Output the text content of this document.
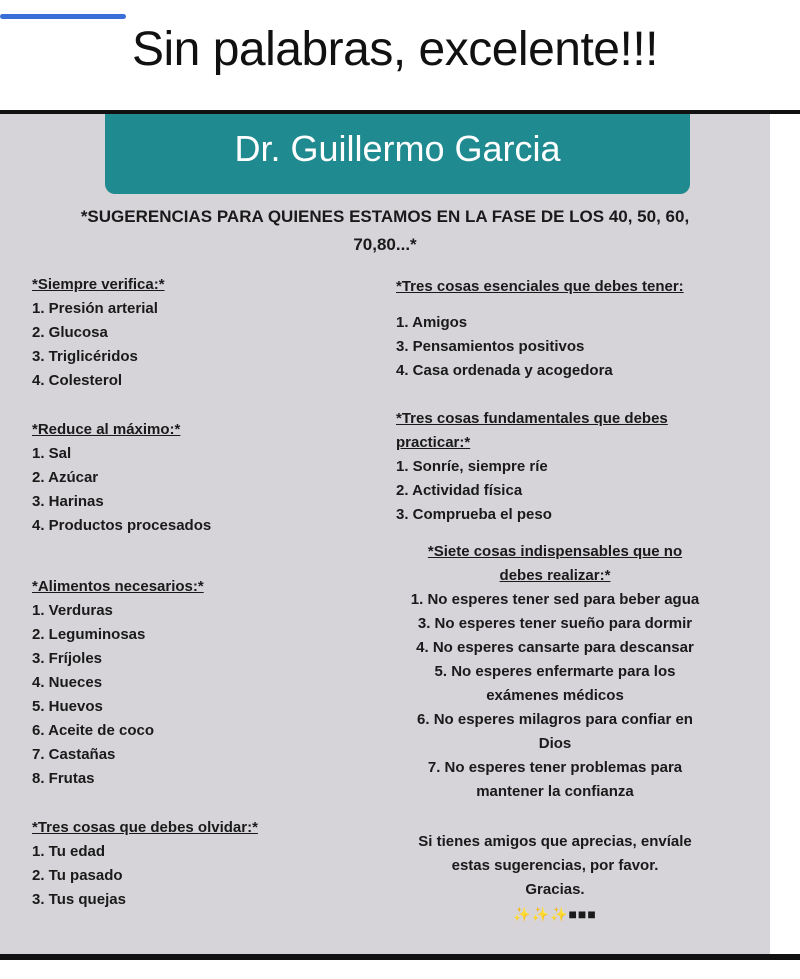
Sin palabras, excelente!!!
Dr. Guillermo Garcia
*SUGERENCIAS PARA QUIENES ESTAMOS EN LA FASE DE LOS 40, 50, 60,
70,80...*
*Siempre verifica:*
1. Presión arterial
2. Glucosa
3. Triglicéridos
4. Colesterol
*Reduce al máximo:*
1. Sal
2. Azúcar
3. Harinas
4. Productos procesados
*Alimentos necesarios:*
1. Verduras
2. Leguminosas
3. Fríjoles
4. Nueces
5. Huevos
6. Aceite de coco
7. Castañas
8. Frutas
*Tres cosas que debes olvidar:*
1. Tu edad
2. Tu pasado
3. Tus quejas
*Tres cosas esenciales que debes tener:
1. Amigos
3. Pensamientos positivos
4. Casa ordenada y acogedora
*Tres cosas fundamentales que debes
practicar:*
1. Sonríe, siempre ríe
2. Actividad física
3. Comprueba el peso
*Siete cosas indispensables que no
debes realizar:*
1. No esperes tener sed para beber agua
3. No esperes tener sueño para dormir
4. No esperes cansarte para descansar
5. No esperes enfermarte para los
exámenes médicos
6. No esperes milagros para confiar en
Dios
7. No esperes tener problemas para
mantener la confianza
Si tienes amigos que aprecias, envíale
estas sugerencias, por favor.
Gracias.
✨✨✨■■■
